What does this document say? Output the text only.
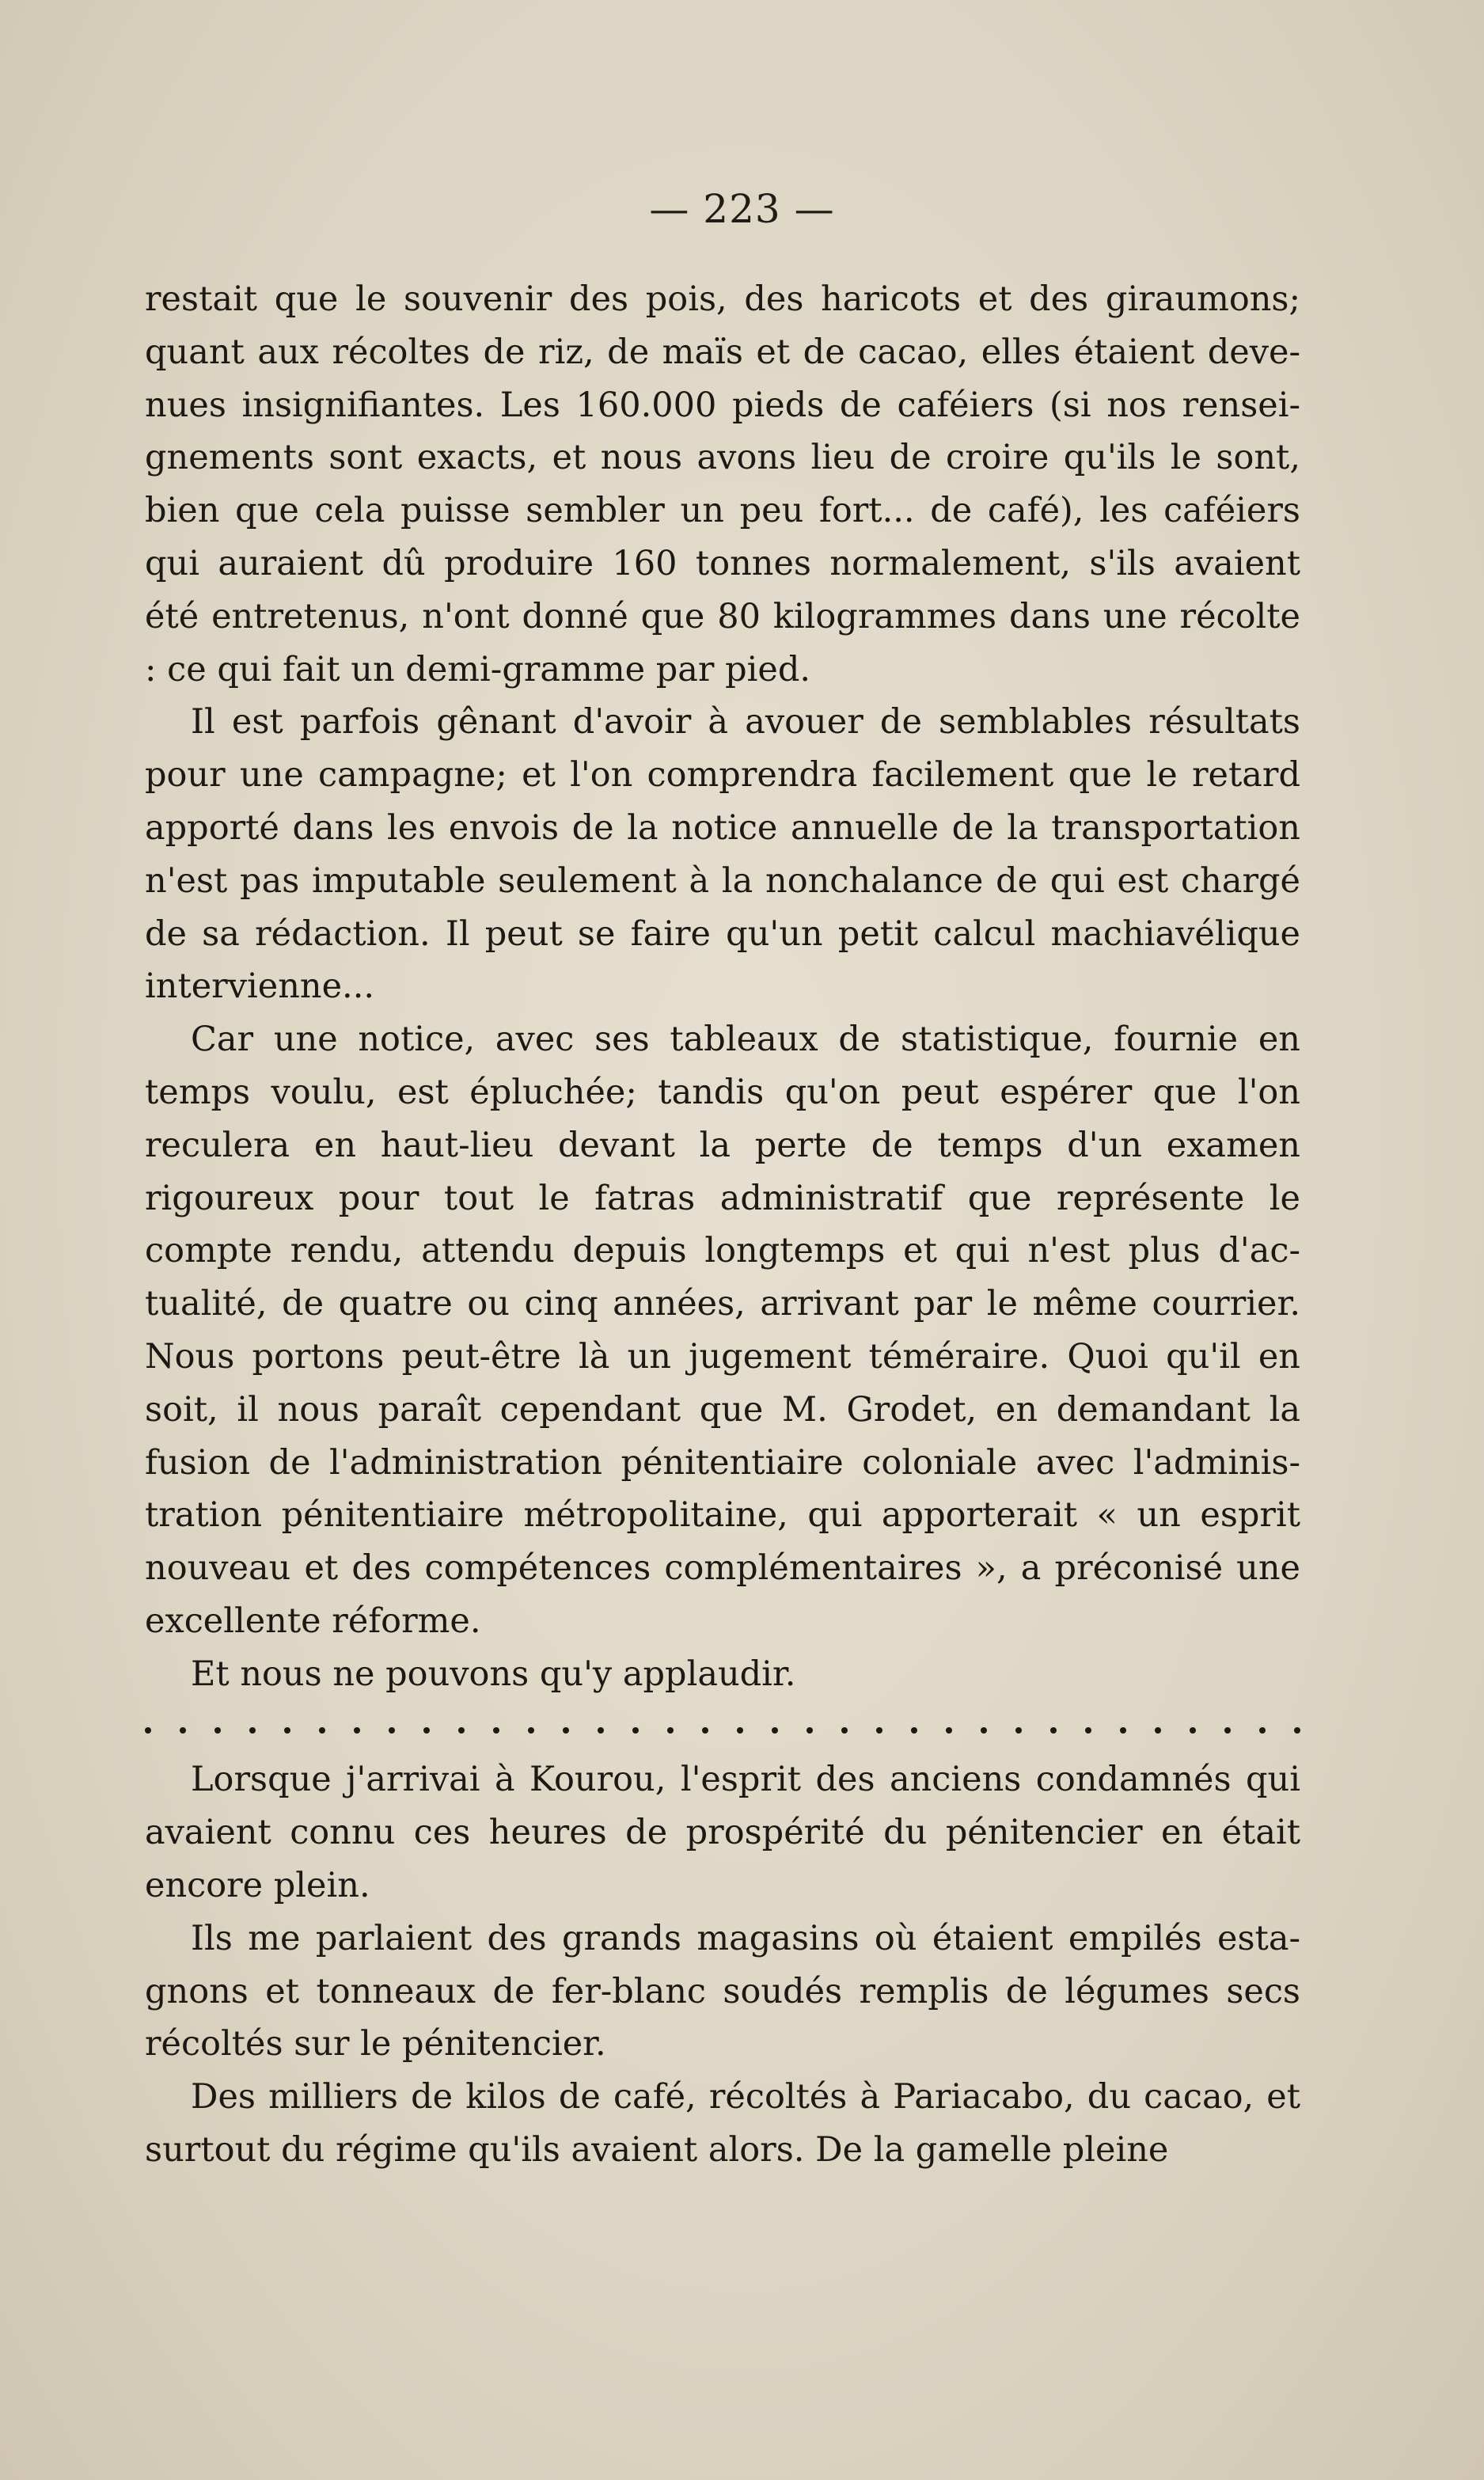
— 223 —

restait que le souvenir des pois, des haricots et des giraumons; quant aux récoltes de riz, de maïs et de cacao, elles étaient devenues insignifiantes. Les 160.000 pieds de caféiers (si nos renseignements sont exacts, et nous avons lieu de croire qu'ils le sont, bien que cela puisse sembler un peu fort... de café), les caféiers qui auraient dû produire 160 tonnes normalement, s'ils avaient été entretenus, n'ont donné que 80 kilogrammes dans une récolte : ce qui fait un demi-gramme par pied.

Il est parfois gênant d'avoir à avouer de semblables résultats pour une campagne; et l'on comprendra facilement que le retard apporté dans les envois de la notice annuelle de la transportation n'est pas imputable seulement à la nonchalance de qui est chargé de sa rédaction. Il peut se faire qu'un petit calcul machiavélique intervienne...

Car une notice, avec ses tableaux de statistique, fournie en temps voulu, est épluchée; tandis qu'on peut espérer que l'on reculera en haut-lieu devant la perte de temps d'un examen rigoureux pour tout le fatras administratif que représente le compte rendu, attendu depuis longtemps et qui n'est plus d'actualité, de quatre ou cinq années, arrivant par le même courrier. Nous portons peut-être là un jugement téméraire. Quoi qu'il en soit, il nous paraît cependant que M. Grodet, en demandant la fusion de l'administration pénitentiaire coloniale avec l'administration pénitentiaire métropolitaine, qui apporterait « un esprit nouveau et des compétences complémentaires », a préconisé une excellente réforme.

Et nous ne pouvons qu'y applaudir.

Lorsque j'arrivai à Kourou, l'esprit des anciens condamnés qui avaient connu ces heures de prospérité du pénitencier en était encore plein.

Ils me parlaient des grands magasins où étaient empilés estagnons et tonneaux de fer-blanc soudés remplis de légumes secs récoltés sur le pénitencier.

Des milliers de kilos de café, récoltés à Pariacabo, du cacao, et surtout du régime qu'ils avaient alors. De la gamelle pleine
